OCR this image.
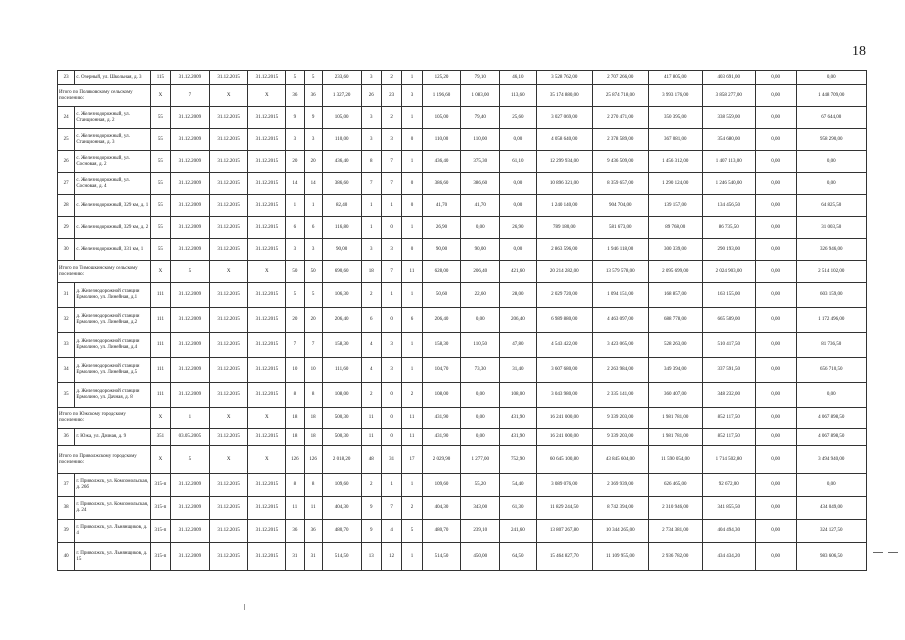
18
23	с. Озерный, ул. Школьная, д. 3	115	31.12.2009	31.12.2015	31.12.2015	5	5	233,60	3	2	1	125,20	79,10	46,10	3 528 762,00	2 707 266,00	417 805,00	403 691,00	0,00	0,00
Итого по Поляковскому сельскому поселению:		Х	7	Х	Х	36	36	1 327,20	26	23	3	1 196,60	1 083,00	113,60	35 174 880,00	25 874 718,00	3 993 176,00	3 858 277,00	0,00	1 448 709,00
24	с. Железнодорожный, ул. Станционная, д. 2	55	31.12.2009	31.12.2015	31.12.2015	9	9	105,00	3	2	1	105,00	79,40	25,60	3 027 069,00	2 270 471,00	350 395,00	338 559,00	0,00	67 644,00
25	с. Железнодорожный, ул. Станционная, д. 3	55	31.12.2009	31.12.2015	31.12.2015	3	3	110,00	3	3	0	110,00	110,00	0,00	4 058 640,00	2 378 589,00	367 081,00	354 680,00	0,00	958 290,00
26	с. Железнодорожный, ул. Сосновая, д. 2	55	31.12.2009	31.12.2015	31.12.2015	20	20	436,40	8	7	1	436,40	375,30	61,10	12 299 934,00	9 436 509,00	1 456 312,00	1 407 113,00	0,00	0,00
27	с. Железнодорожный, ул. Сосновая, д. 4	55	31.12.2009	31.12.2015	31.12.2015	14	14	386,60	7	7	0	386,60	386,60	0,00	10 896 321,00	8 359 657,00	1 290 124,00	1 246 540,00	0,00	0,00
28	с. Железнодорожный, 329 км, д. 1	55	31.12.2009	31.12.2015	31.12.2015	1	1	82,40	1	1	0	41,70	41,70	0,00	1 240 140,00	904 704,00	139 157,00	134 456,50	0,00	64 825,50
29	с. Железнодорожный, 329 км, д. 2	55	31.12.2009	31.12.2015	31.12.2015	6	6	116,80	1	0	1	26,90	0,00	26,90	789 180,00	581 673,00	89 768,00	86 735,50	0,00	31 003,50
30	с. Железнодорожный, 331 км, 1	55	31.12.2009	31.12.2015	31.12.2015	3	3	90,00	3	3	0	90,00	90,00	0,00	2 863 596,00	1 946 118,00	300 339,00	290 193,00	0,00	326 946,00
Итого по Тимошкинскому сельскому поселению:		Х	5	Х	Х	50	50	690,60	18	7	11	628,00	206,40	421,60	20 214 282,00	13 579 578,00	2 095 699,00	2 024 903,00	0,00	2 514 102,00
31	д. Железнодорожной станции Ермолино, ул. Линейная, д.1	111	31.12.2009	31.12.2015	31.12.2015	5	5	106,30	2	1	1	50,60	22,60	28,00	2 029 720,00	1 094 151,00	168 857,00	163 155,00	0,00	603 159,00
32	д. Железнодорожной станции Ермолино, ул. Линейная, д.2	111	31.12.2009	31.12.2015	31.12.2015	20	20	206,40	6	0	6	206,40	0,00	206,40	6 989 880,00	4 463 097,00	688 778,00	665 509,00	0,00	1 172 496,00
33	д. Железнодорожной станции Ермолино, ул. Линейная, д.4	111	31.12.2009	31.12.2015	31.12.2015	7	7	158,30	4	3	1	158,30	110,50	47,80	4 543 422,00	3 423 065,00	528 263,00	510 417,50	0,00	81 736,50
34	д. Железнодорожной станции Ермолино, ул. Линейная, д.5	111	31.12.2009	31.12.2015	31.12.2015	10	10	111,60	4	3	1	104,70	73,30	31,40	3 607 680,00	2 263 984,00	349 394,00	337 591,50	0,00	656 710,50
35	д. Железнодорожной станции Ермолино, ул. Дачная, д. 8	111	31.12.2009	31.12.2015	31.12.2015	8	8	108,00	2	0	2	108,00	0,00	108,00	3 043 980,00	2 335 141,00	360 407,00	348 232,00	0,00	0,00
Итого по Южскому городскому поселению:		Х	1	Х	Х	18	18	500,30	11	0	11	431,90	0,00	431,90	16 241 000,00	9 339 203,00	1 981 781,00	852 117,50	0,00	4 067 898,50
36	г. Южа, ул. Дачная, д. 9	351	03.05.2005	31.12.2015	31.12.2015	18	18	500,30	11	0	11	431,90	0,00	431,90	16 241 000,00	9 339 203,00	1 981 781,00	852 117,50	0,00	4 067 898,50
Итого по Приволжскому городскому поселению:		Х	5	Х	Х	126	126	2 018,20	48	31	17	2 029,90	1 277,00	752,90	60 645 100,80	43 845 604,00	11 590 054,00	1 714 502,80	0,00	3 494 940,00
37	г. Приволжск, ул. Комсомольская, д. 26б	315-п	31.12.2009	31.12.2015	31.12.2015	8	8	109,60	2	1	1	109,60	55,20	54,40	3 089 076,00	2 369 939,00	626 465,00	92 672,00	0,00	0,00
38	г. Приволжск, ул. Комсомольская, д. 24	315-п	31.12.2009	31.12.2015	31.12.2015	11	11	404,30	9	7	2	404,30	343,00	61,30	11 829 244,50	8 742 394,00	2 310 946,00	341 855,50	0,00	434 049,00
39	г. Приволжск, ул. Льнянщиков, д. 4	315-п	31.12.2009	31.12.2015	31.12.2015	36	36	480,70	9	4	5	480,70	239,10	241,60	13 807 267,80	10 344 265,00	2 734 381,00	404 494,30	0,00	324 127,50
40	г. Приволжск, ул. Льнянщиков, д. 15	315-п	31.12.2009	31.12.2015	31.12.2015	31	31	514,50	13	12	1	514,50	450,00	64,50	15 464 827,70	11 109 955,00	2 936 782,00	434 434,20	0,00	983 606,50
